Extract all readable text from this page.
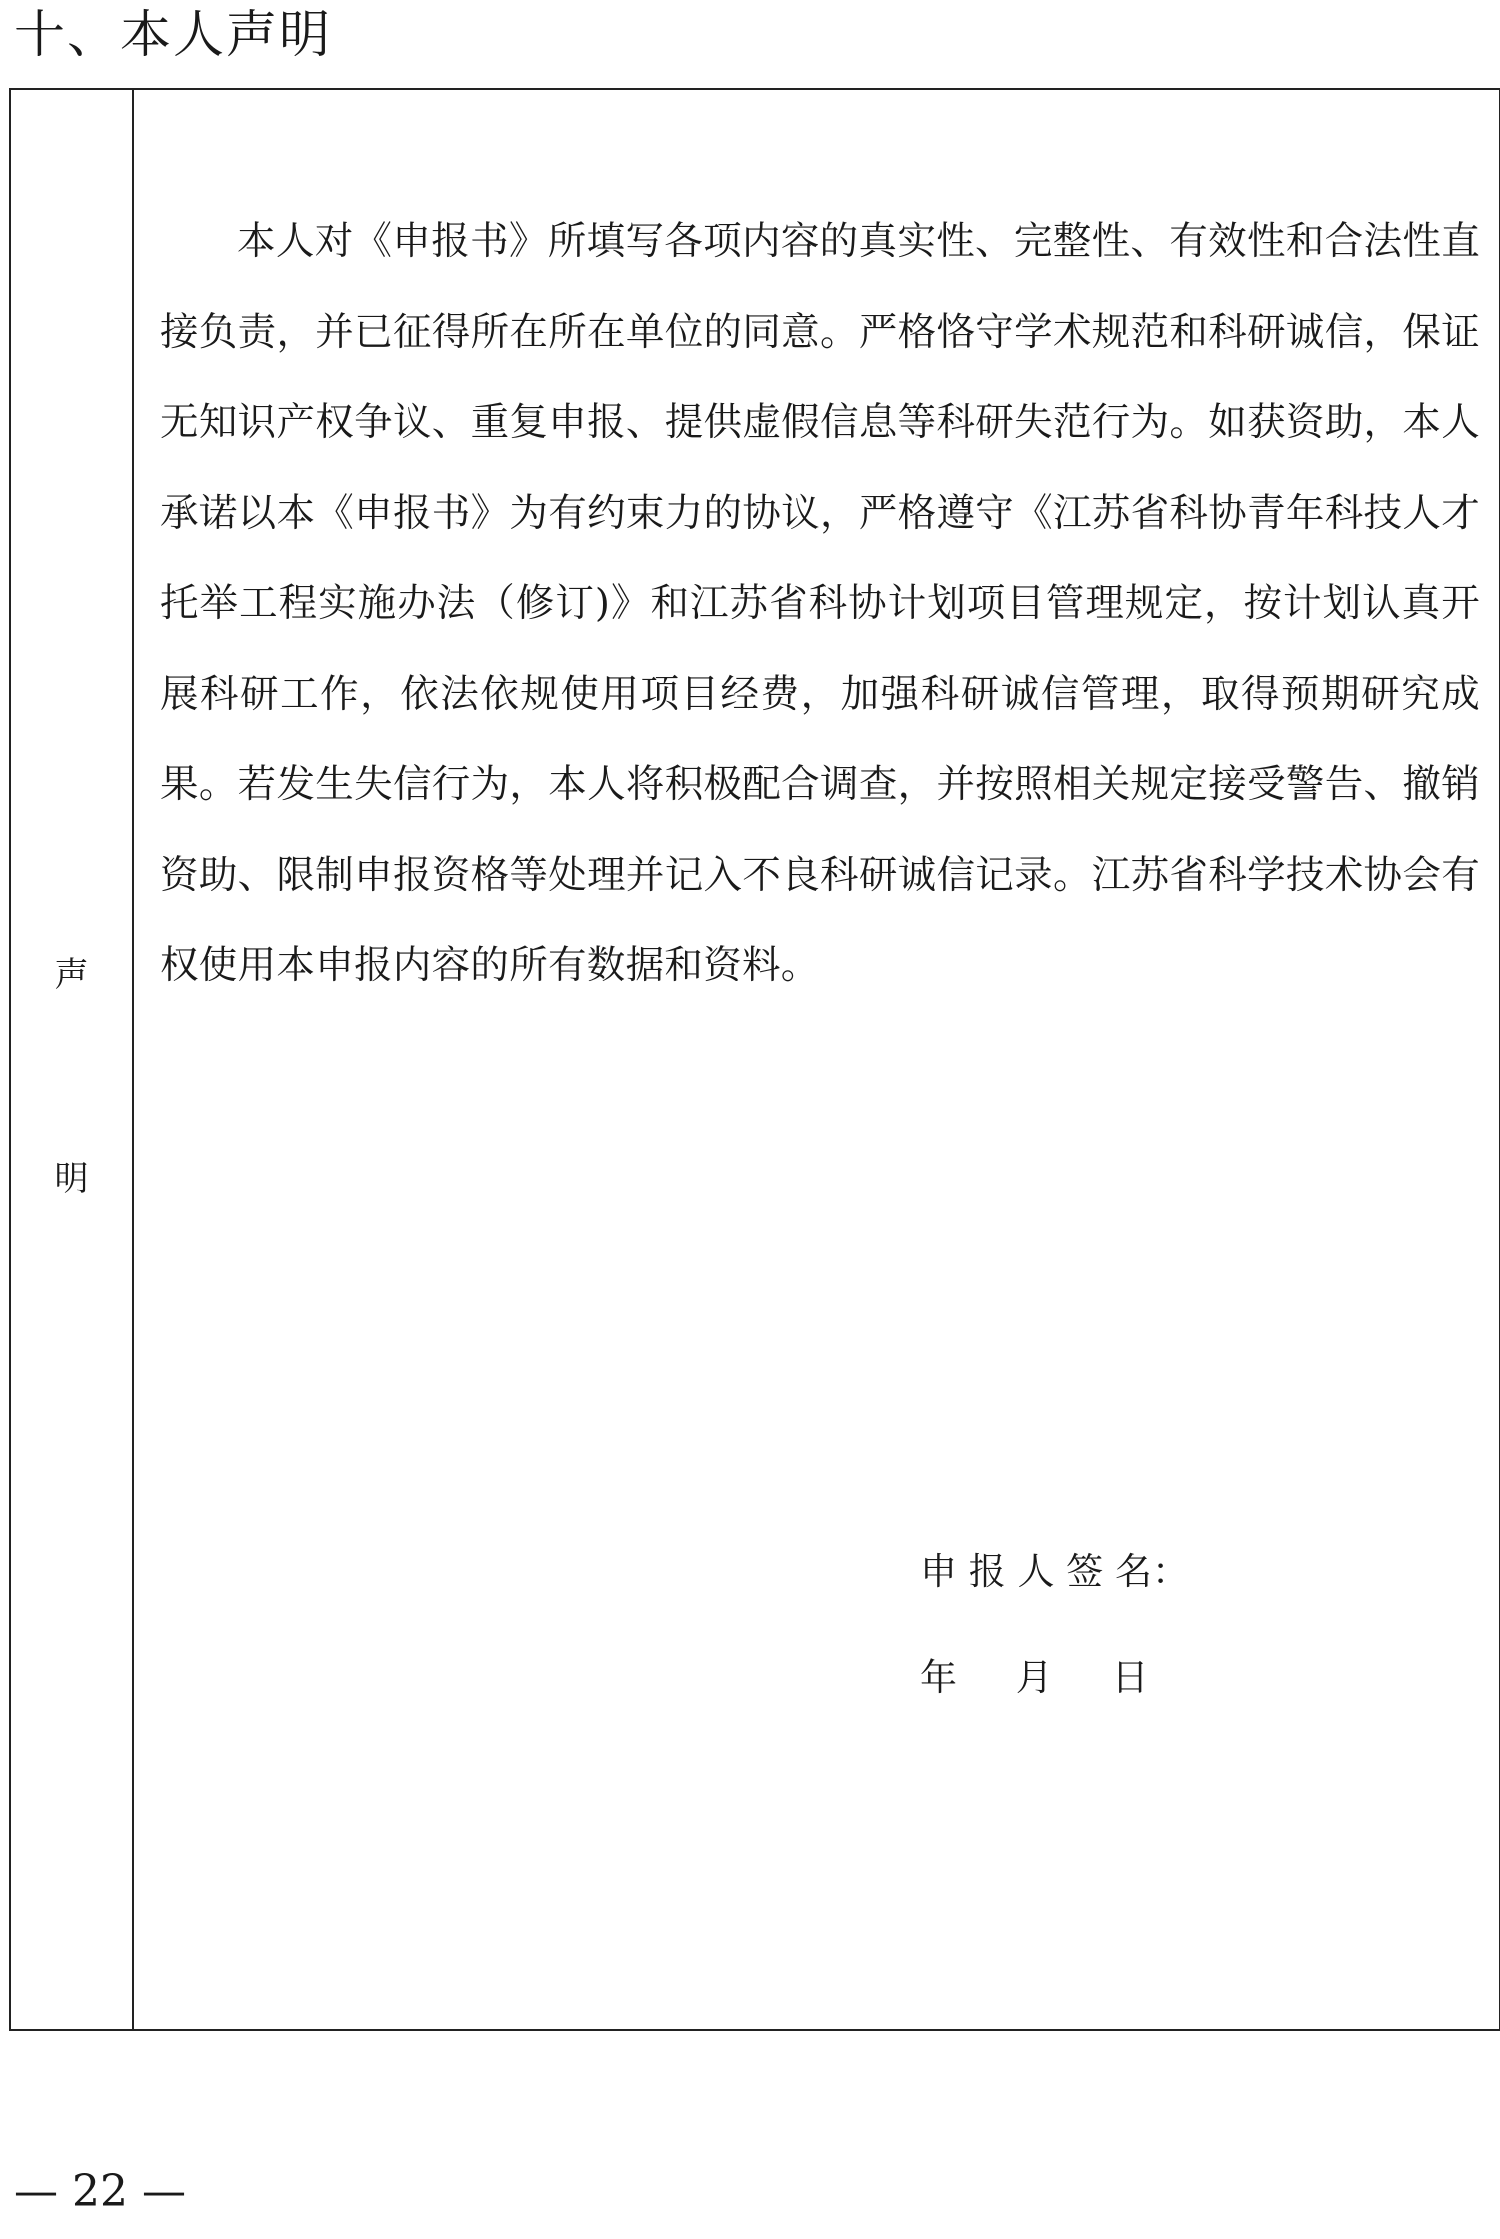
十、本人声明
声
明

本人对《申报书》所填写各项内容的真实性、完整性、有效性和合法性直接负责，并已征得所在所在单位的同意。严格恪守学术规范和科研诚信，保证无知识产权争议、重复申报、提供虚假信息等科研失范行为。如获资助，本人承诺以本《申报书》为有约束力的协议，严格遵守《江苏省科协青年科技人才托举工程实施办法（修订)》和江苏省科协计划项目管理规定，按计划认真开展科研工作，依法依规使用项目经费，加强科研诚信管理，取得预期研究成果。若发生失信行为，本人将积极配合调查，并按照相关规定接受警告、撤销资助、限制申报资格等处理并记入不良科研诚信记录。江苏省科学技术协会有权使用本申报内容的所有数据和资料。

申 报 人 签 名：
年     月     日
— 22 —
